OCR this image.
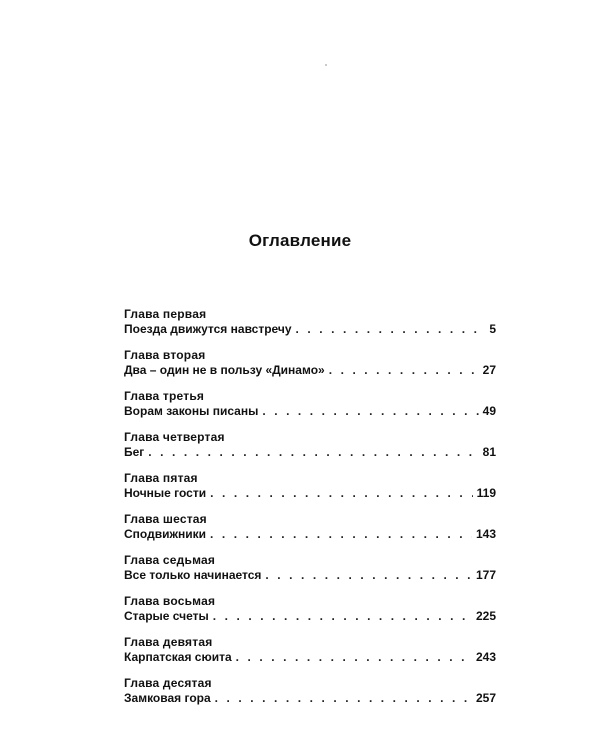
Оглавление
Глава первая
Поезда движутся навстречу . . .	5
Глава вторая
Два – один не в пользу «Динамо» . . .	27
Глава третья
Ворам законы писаны . . .	49
Глава четвертая
Бег . . .	81
Глава пятая
Ночные гости . . .	119
Глава шестая
Сподвижники . . .	143
Глава седьмая
Все только начинается . . .	177
Глава восьмая
Старые счеты . . .	225
Глава девятая
Карпатская сюита . . .	243
Глава десятая
Замковая гора . . .	257
